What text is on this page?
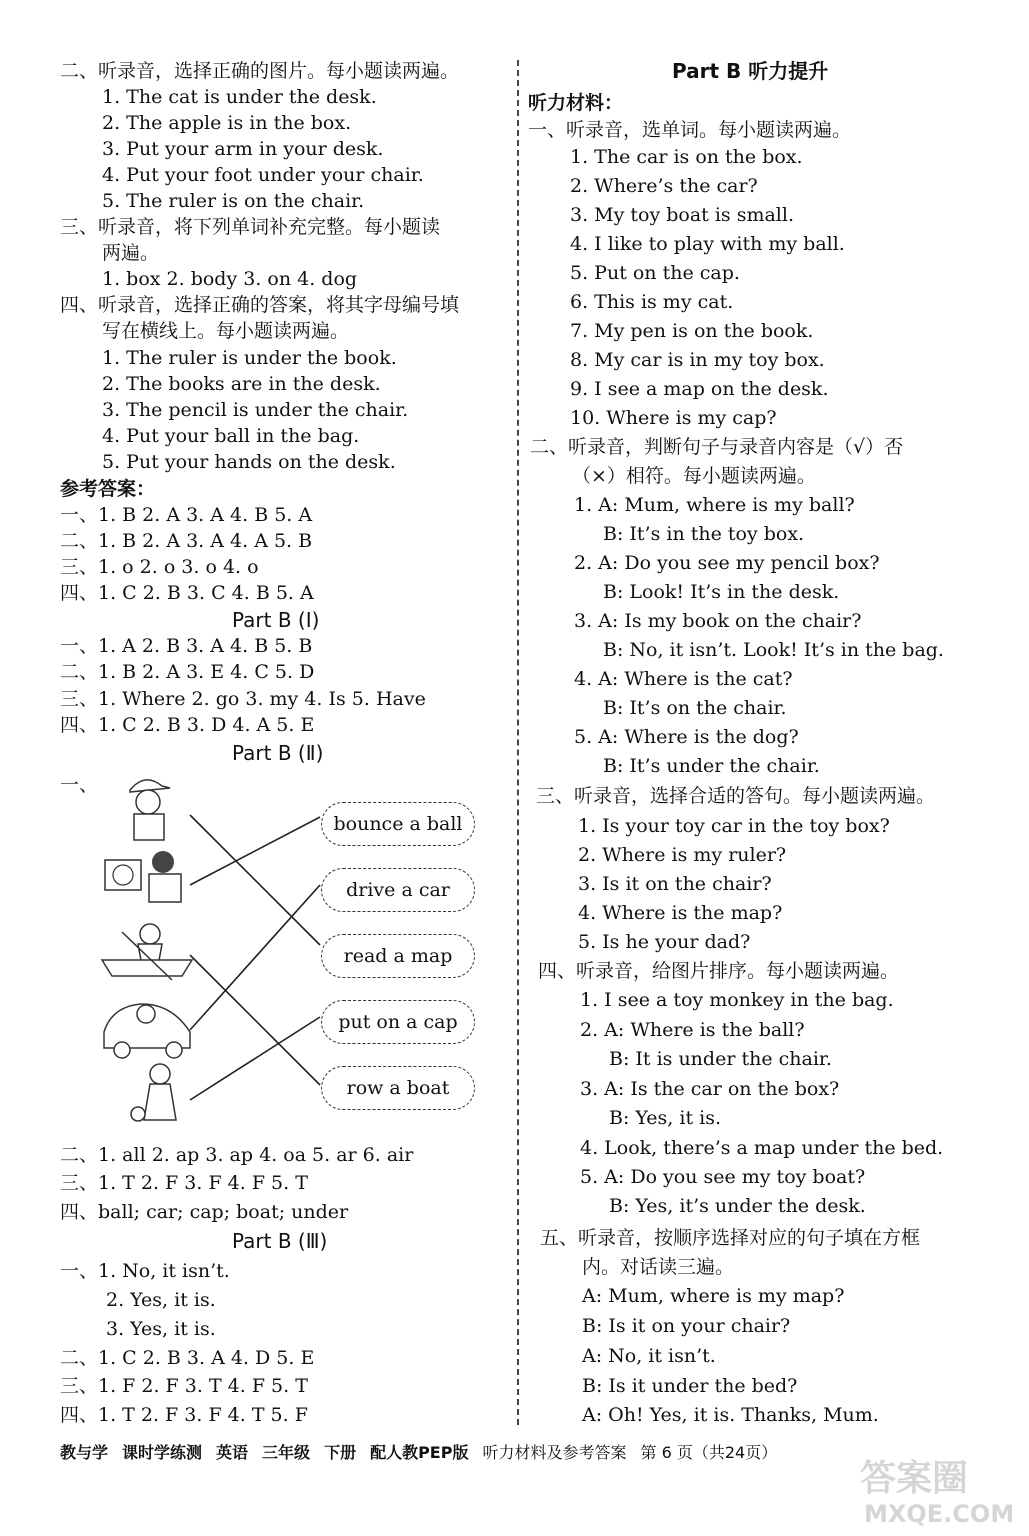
二、听录音，选择正确的图片。每小题读两遍。
1. The cat is under the desk.
2. The apple is in the box.
3. Put your arm in your desk.
4. Put your foot under your chair.
5. The ruler is on the chair.
三、听录音，将下列单词补充完整。每小题读
两遍。
1. box 2. body 3. on 4. dog
四、听录音，选择正确的答案，将其字母编号填
写在横线上。每小题读两遍。
1. The ruler is under the book.
2. The books are in the desk.
3. The pencil is under the chair.
4. Put your ball in the bag.
5. Put your hands on the desk.
参考答案：
一、1. B 2. A 3. A 4. B 5. A
二、1. B 2. A 3. A 4. A 5. B
三、1. o 2. o 3. o 4. o
四、1. C 2. B 3. C 4. B 5. A
Part B (Ⅰ)
一、1. A 2. B 3. A 4. B 5. B
二、1. B 2. A 3. E 4. C 5. D
三、1. Where 2. go 3. my 4. Is 5. Have
四、1. C 2. B 3. D 4. A 5. E
Part B (Ⅱ)
一、
二、1. all 2. ap 3. ap 4. oa 5. ar 6. air
三、1. T 2. F 3. F 4. F 5. T
四、ball; car; cap; boat; under
Part B (Ⅲ)
一、1. No, it isn’t.
2. Yes, it is.
3. Yes, it is.
二、1. C 2. B 3. A 4. D 5. E
三、1. F 2. F 3. T 4. F 5. T
四、1. T 2. F 3. F 4. T 5. F
Part B 听力提升
听力材料：
一、听录音，选单词。每小题读两遍。
1. The car is on the box.
2. Where’s the car?
3. My toy boat is small.
4. I like to play with my ball.
5. Put on the cap.
6. This is my cat.
7. My pen is on the book.
8. My car is in my toy box.
9. I see a map on the desk.
10. Where is my cap?
二、听录音，判断句子与录音内容是（√）否
（×）相符。每小题读两遍。
1. A: Mum, where is my ball?
B: It’s in the toy box.
2. A: Do you see my pencil box?
B: Look! It’s in the desk.
3. A: Is my book on the chair?
B: No, it isn’t. Look! It’s in the bag.
4. A: Where is the cat?
B: It’s on the chair.
5. A: Where is the dog?
B: It’s under the chair.
三、听录音，选择合适的答句。每小题读两遍。
1. Is your toy car in the toy box?
2. Where is my ruler?
3. Is it on the chair?
4. Where is the map?
5. Is he your dad?
四、听录音，给图片排序。每小题读两遍。
1. I see a toy monkey in the bag.
2. A: Where is the ball?
B: It is under the chair.
3. A: Is the car on the box?
B: Yes, it is.
4. Look, there’s a map under the bed.
5. A: Do you see my toy boat?
B: Yes, it’s under the desk.
五、听录音，按顺序选择对应的句子填在方框
内。对话读三遍。
A: Mum, where is my map?
B: Is it on your chair?
A: No, it isn’t.
B: Is it under the bed?
A: Oh! Yes, it is. Thanks, Mum.
bounce a ball
drive a car
read a map
put on a cap
row a boat
教与学 课时学练测 英语 三年级 下册 配人教PEP版 听力材料及参考答案 第 6 页（共24页）
答案圈
MXQE.COM
